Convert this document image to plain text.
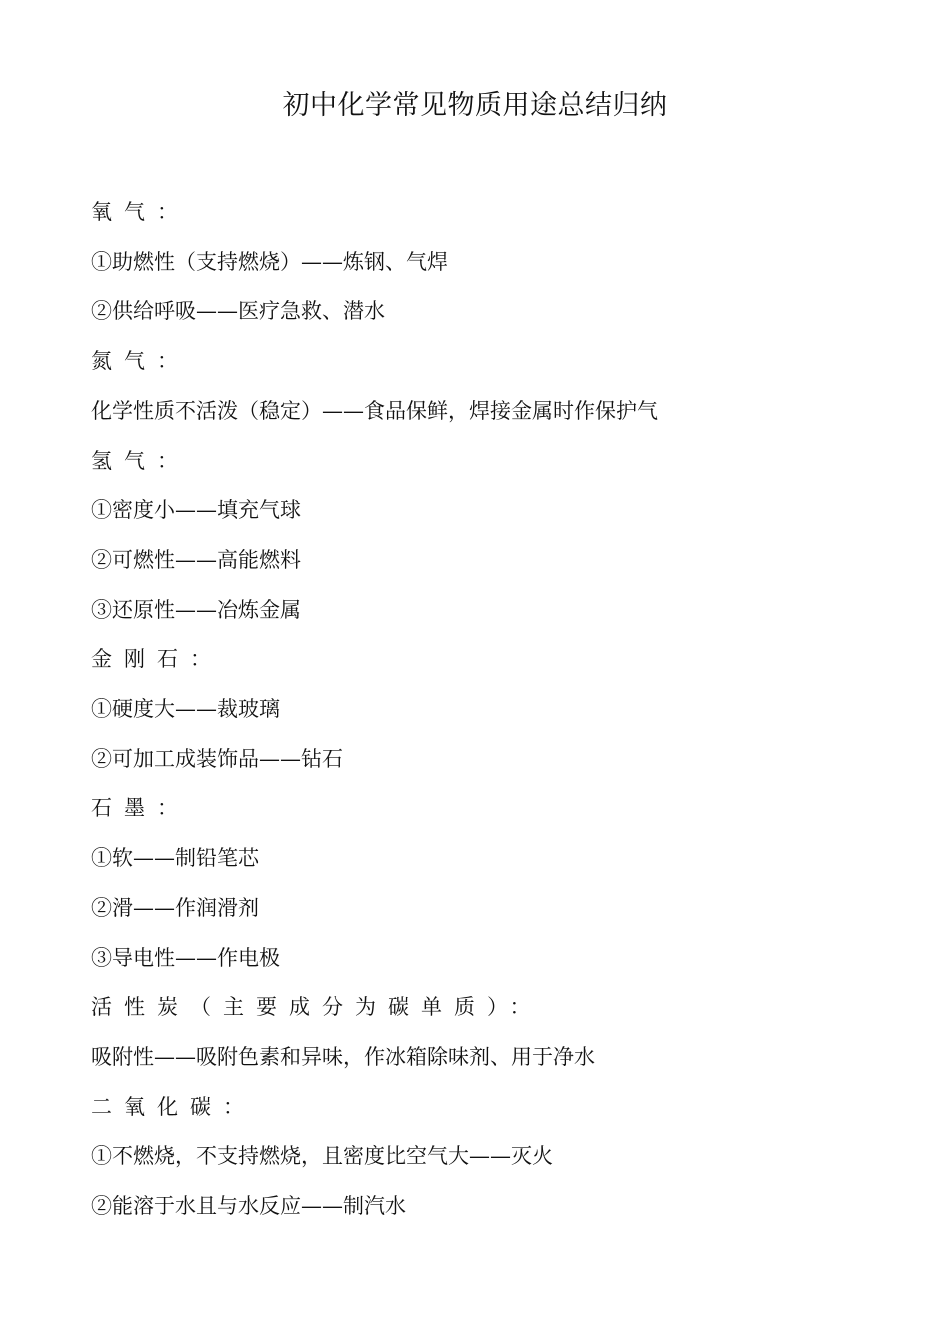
初中化学常见物质用途总结归纳
氧气：
①助燃性（支持燃烧）——炼钢、气焊
②供给呼吸——医疗急救、潜水
氮气：
化学性质不活泼（稳定）——食品保鲜，焊接金属时作保护气
氢气：
①密度小——填充气球
②可燃性——高能燃料
③还原性——冶炼金属
金刚石：
①硬度大——裁玻璃
②可加工成装饰品——钻石
石墨：
①软——制铅笔芯
②滑——作润滑剂
③导电性——作电极
活性炭（主要成分为碳单质）：
吸附性——吸附色素和异味，作冰箱除味剂、用于净水
二氧化碳：
①不燃烧，不支持燃烧，且密度比空气大——灭火
②能溶于水且与水反应——制汽水
